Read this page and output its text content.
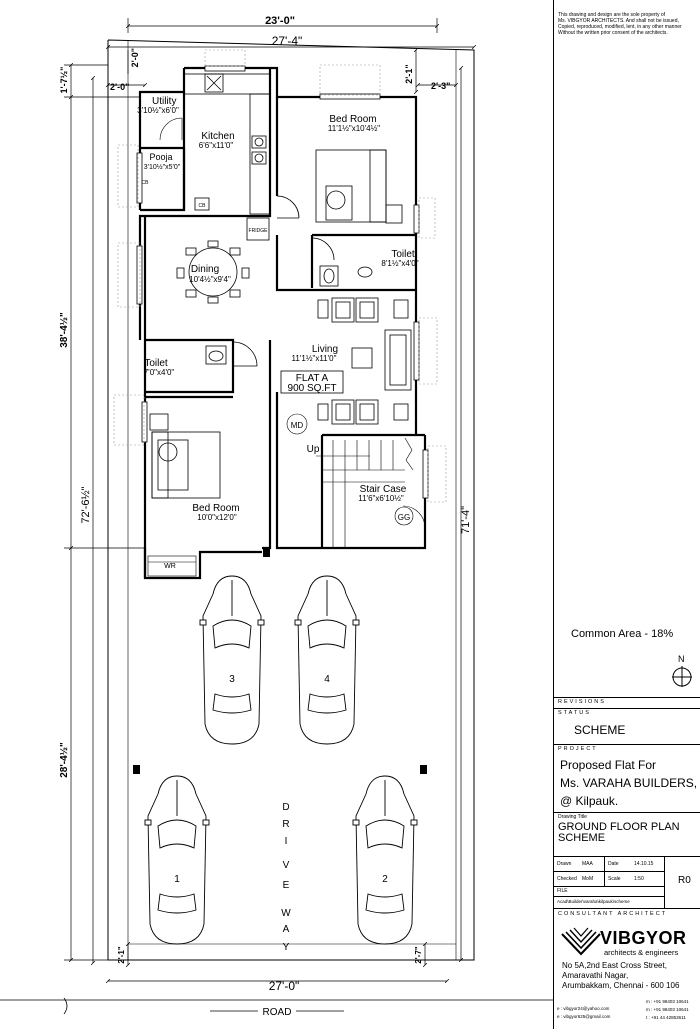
23'-0"
27'-4"
2'-0"
2'-0"
2'-1"
2'-3"
1'-7½"
38'-4½"
72'-6½"
28'-4½"
71'-4"
27'-0"
2'-1"	2'-7"
Utility
3'10½"x6'0"
Kitchen
6'6"x11'0"
Pooja
3'10½"x5'0"
CB
CB
FRIDGE
Bed Room
11'1½"x10'4½"
Toilet
8'1½"x4'0"
Dining
10'4½"x9'4"
Living
11'1½"x11'0"
Toilet
7'0"x4'0"
FLAT A
900 SQ.FT
Bed Room
10'0"x12'0"
Stair Case
11'6"x6'10½"
Up
MD
GG
WR
D
R
I
V
E
W
A
Y
3	4
1	2
ROAD
This drawing and design are the sole property of
Ms. VIBGYOR ARCHITECTS. And shall not be issued,
Copied, reproduced, modified, lent, in any other manner
Without the written prior consent of the architects.
Common Area - 18%
N
REVISIONS
STATUS
SCHEME
PROJECT
Proposed Flat For
Ms. VARAHA BUILDERS,
@ Kilpauk.
Drawing Title
GROUND FLOOR PLAN
SCHEME
Drawn MAA	Date	14.10.15
Checked MoM	Scale	1:50
FILE
Acad\Builder\varaha\kilpauk\scheme
R0
CONSULTANT ARCHITECT
VIBGYOR
architects & engineers
No 5A,2nd East Cross Street,
Amaravathi Nagar,
Arumbakkam, Chennai - 600 106
e : vibgyor24@yahoo.com
e : vibgyor625@gmail.com
m : +91 98403 10641
m : +91 98403 10641
t : +91 44 42853611
